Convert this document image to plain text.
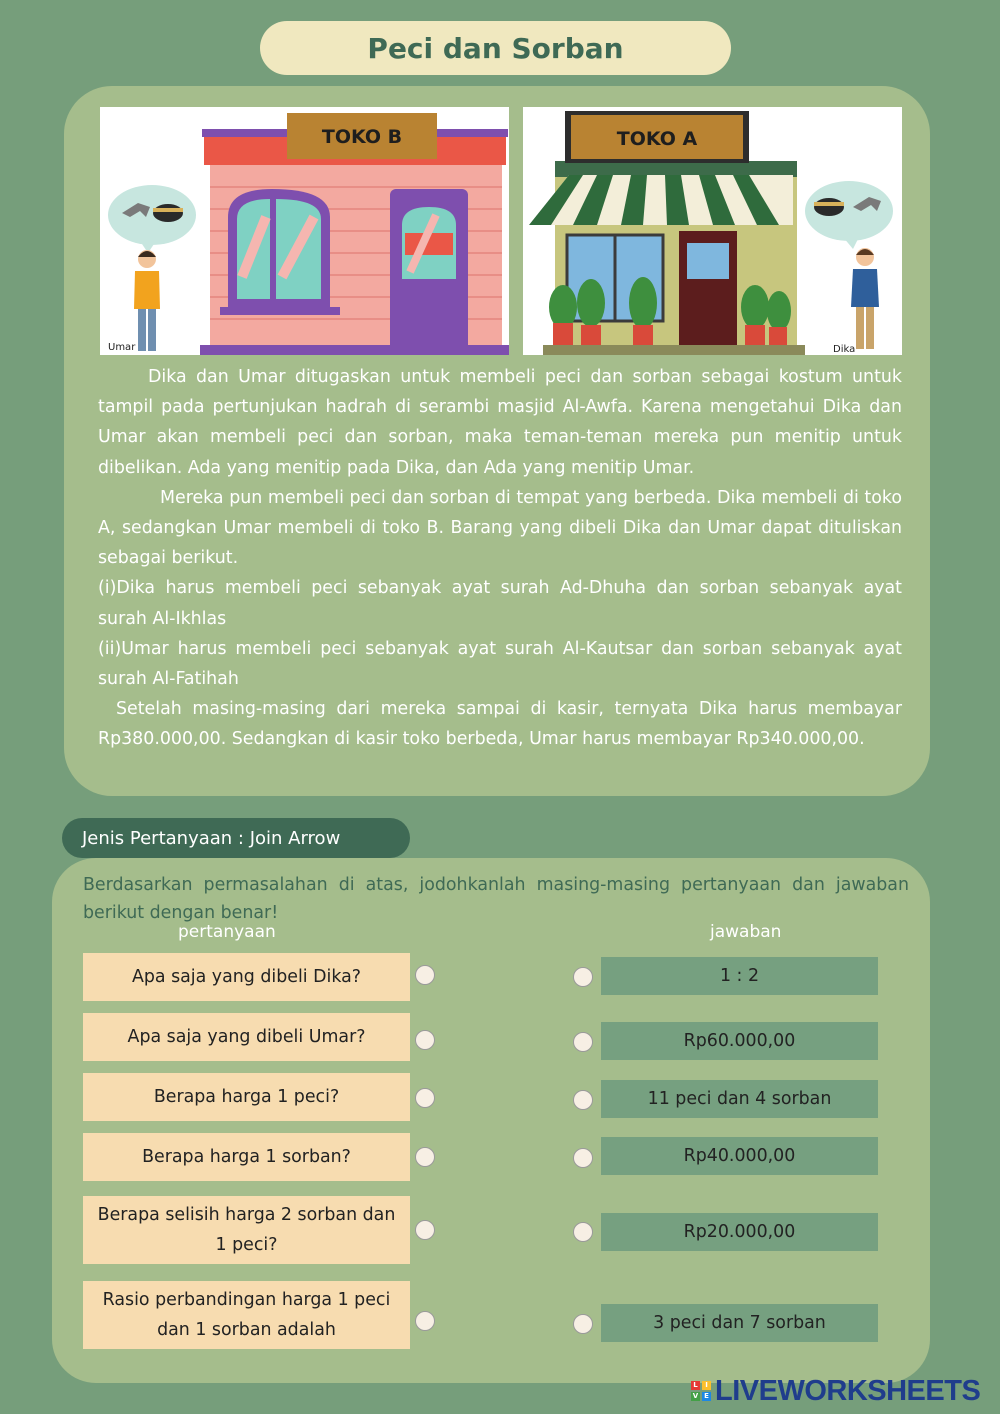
Peci dan Sorban
TOKO B
Umar
TOKO A
Dika

Dika dan Umar ditugaskan untuk membeli peci dan sorban sebagai kostum untuk tampil pada pertunjukan hadrah di serambi masjid Al-Awfa. Karena mengetahui Dika dan Umar akan membeli peci dan sorban, maka teman-teman mereka pun menitip untuk dibelikan. Ada yang menitip pada Dika, dan Ada yang menitip Umar.

Mereka pun membeli peci dan sorban di tempat yang berbeda. Dika membeli di toko A, sedangkan Umar membeli di toko B. Barang yang dibeli Dika dan Umar dapat dituliskan sebagai berikut.

(i)Dika harus membeli peci sebanyak ayat surah Ad-Dhuha dan sorban sebanyak ayat surah Al-Ikhlas

(ii)Umar harus membeli peci sebanyak ayat surah Al-Kautsar dan sorban sebanyak ayat surah Al-Fatihah

Setelah masing-masing dari mereka sampai di kasir, ternyata Dika harus membayar Rp380.000,00. Sedangkan di kasir toko berbeda, Umar harus membayar Rp340.000,00.

Jenis Pertanyaan : Join Arrow
Berdasarkan permasalahan di atas, jodohkanlah masing-masing pertanyaan dan jawaban berikut dengan benar!
pertanyaan	jawaban
Apa saja yang dibeli Dika?
Apa saja yang dibeli Umar?
Berapa harga 1 peci?
Berapa harga 1 sorban?
Berapa selisih harga 2 sorban dan 1 peci?
Rasio perbandingan harga 1 peci dan 1 sorban adalah
1 : 2
Rp60.000,00
11 peci dan 4 sorban
Rp40.000,00
Rp20.000,00
3 peci dan 7 sorban
L	I
V E LIVEWORKSHEETS
